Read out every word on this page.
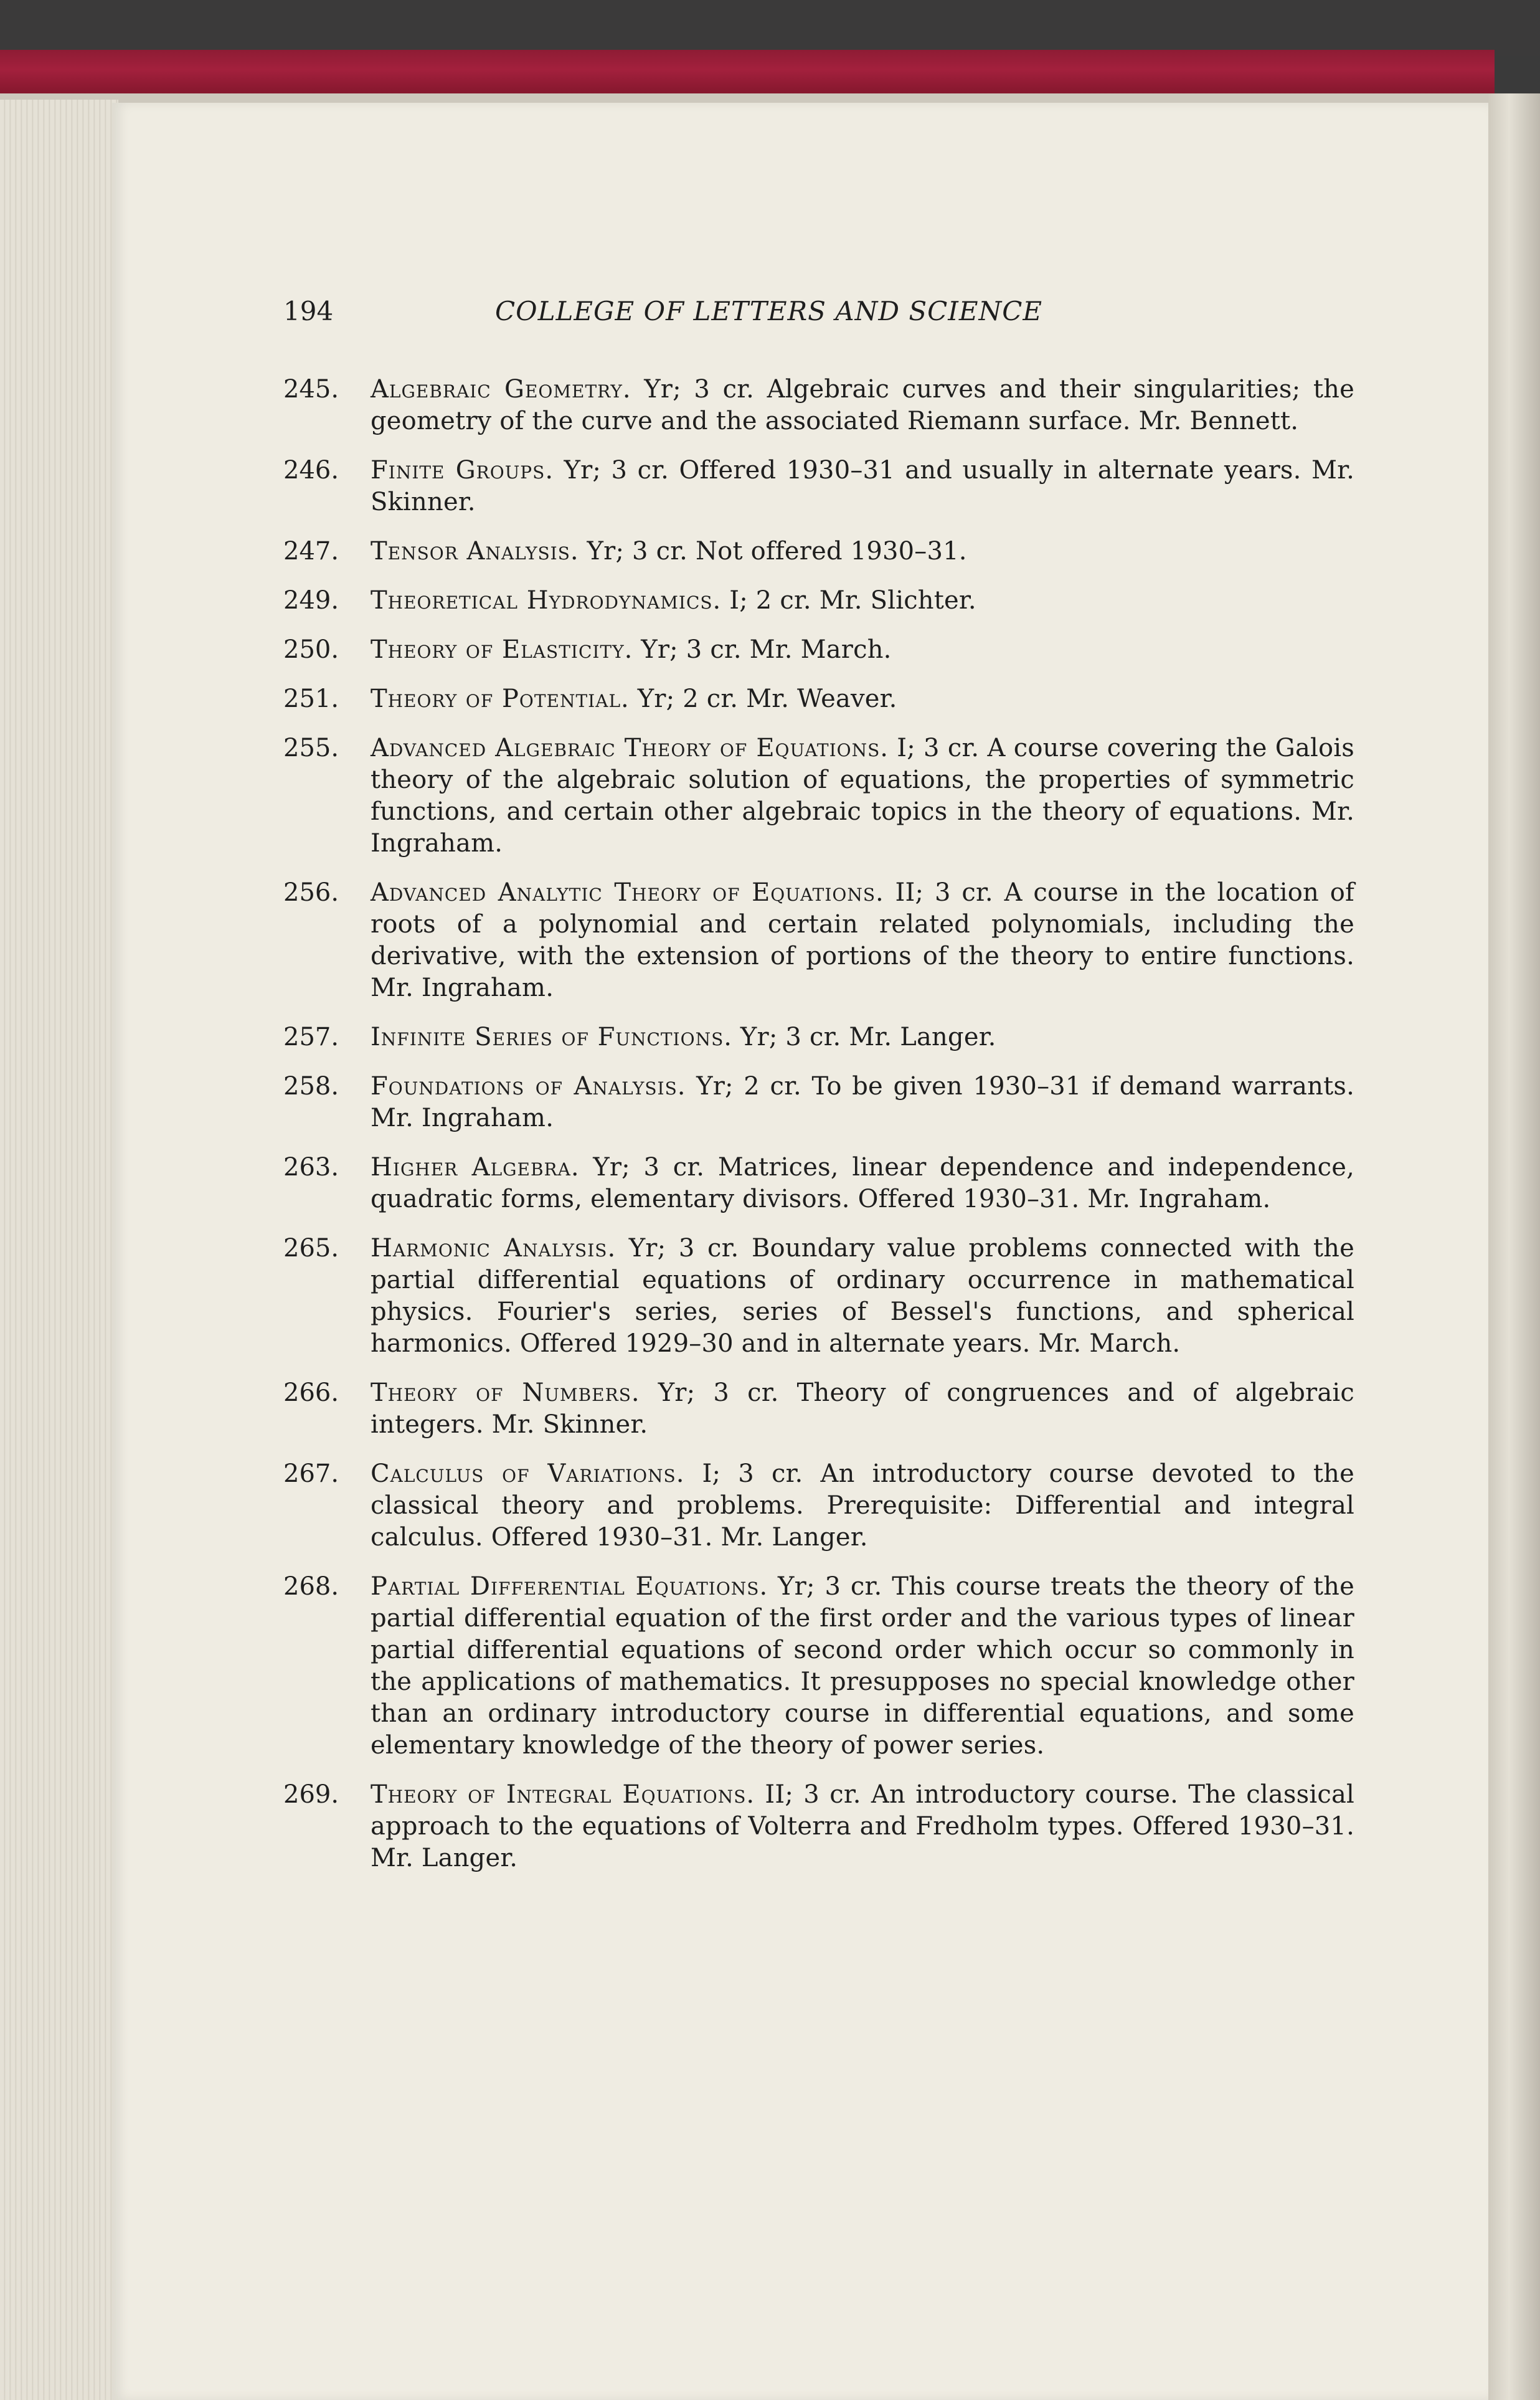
194	COLLEGE OF LETTERS AND SCIENCE
245. Algebraic Geometry. Yr; 3 cr. Algebraic curves and their singularities; the geometry of the curve and the associated Riemann surface. Mr. Bennett.
246. Finite Groups. Yr; 3 cr. Offered 1930–31 and usually in alternate years. Mr. Skinner.
247. Tensor Analysis. Yr; 3 cr. Not offered 1930–31.
249. Theoretical Hydrodynamics. I; 2 cr. Mr. Slichter.
250. Theory of Elasticity. Yr; 3 cr. Mr. March.
251. Theory of Potential. Yr; 2 cr. Mr. Weaver.
255. Advanced Algebraic Theory of Equations. I; 3 cr. A course covering the Galois theory of the algebraic solution of equations, the properties of symmetric functions, and certain other algebraic topics in the theory of equations. Mr. Ingraham.
256. Advanced Analytic Theory of Equations. II; 3 cr. A course in the location of roots of a polynomial and certain related polynomials, including the derivative, with the extension of portions of the theory to entire functions. Mr. Ingraham.
257. Infinite Series of Functions. Yr; 3 cr. Mr. Langer.
258. Foundations of Analysis. Yr; 2 cr. To be given 1930–31 if demand warrants. Mr. Ingraham.
263. Higher Algebra. Yr; 3 cr. Matrices, linear dependence and independence, quadratic forms, elementary divisors. Offered 1930–31. Mr. Ingraham.
265. Harmonic Analysis. Yr; 3 cr. Boundary value problems connected with the partial differential equations of ordinary occurrence in mathematical physics. Fourier's series, series of Bessel's functions, and spherical harmonics. Offered 1929–30 and in alternate years. Mr. March.
266. Theory of Numbers. Yr; 3 cr. Theory of congruences and of algebraic integers. Mr. Skinner.
267. Calculus of Variations. I; 3 cr. An introductory course devoted to the classical theory and problems. Prerequisite: Differential and integral calculus. Offered 1930–31. Mr. Langer.
268. Partial Differential Equations. Yr; 3 cr. This course treats the theory of the partial differential equation of the first order and the various types of linear partial differential equations of second order which occur so commonly in the applications of mathematics. It presupposes no special knowledge other than an ordinary introductory course in differential equations, and some elementary knowledge of the theory of power series.
269. Theory of Integral Equations. II; 3 cr. An introductory course. The classical approach to the equations of Volterra and Fredholm types. Offered 1930–31. Mr. Langer.
